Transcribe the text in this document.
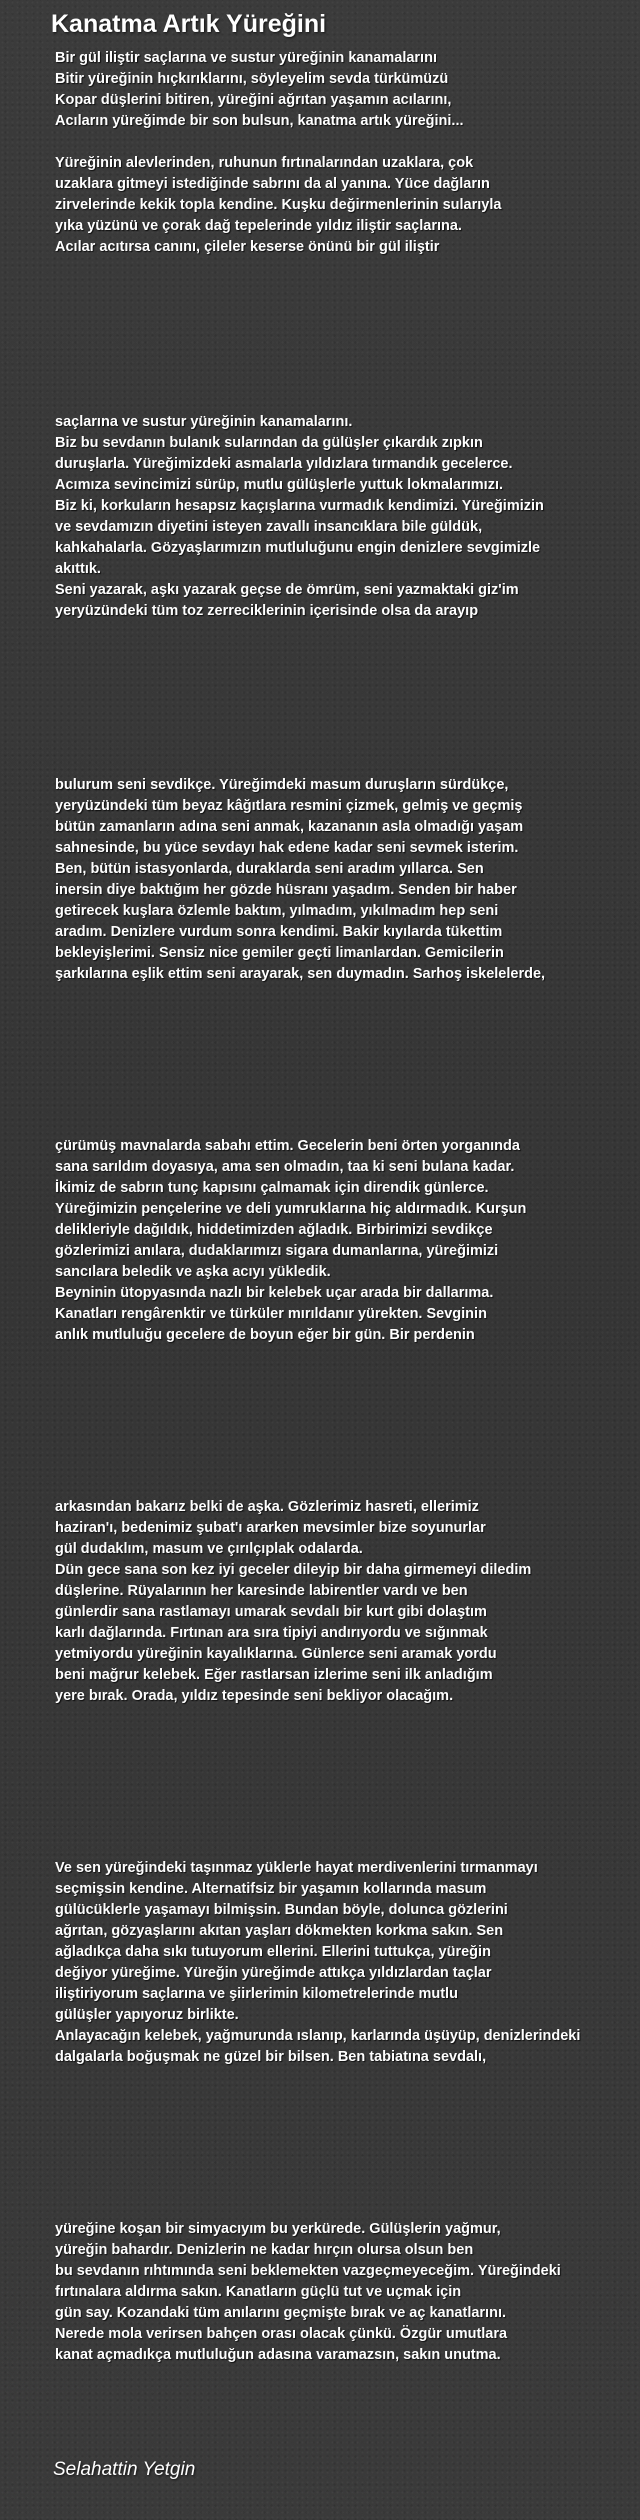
Kanatma Artık Yüreğini
Bir gül iliştir saçlarına ve sustur yüreğinin kanamalarını
Bitir yüreğinin hıçkırıklarını, söyleyelim sevda türkümüzü
Kopar düşlerini bitiren, yüreğini ağrıtan yaşamın acılarını,
Acıların yüreğimde bir son bulsun, kanatma artık yüreğini...
Yüreğinin alevlerinden, ruhunun fırtınalarından uzaklara, çok
uzaklara gitmeyi istediğinde sabrını da al yanına. Yüce dağların
zirvelerinde kekik topla kendine. Kuşku değirmenlerinin sularıyla
yıka yüzünü ve çorak dağ tepelerinde yıldız iliştir saçlarına.
Acılar acıtırsa canını, çileler keserse önünü bir gül iliştir
saçlarına ve sustur yüreğinin kanamalarını.
Biz bu sevdanın bulanık sularından da gülüşler çıkardık zıpkın
duruşlarla. Yüreğimizdeki asmalarla yıldızlara tırmandık gecelerce.
Acımıza sevincimizi sürüp, mutlu gülüşlerle yuttuk lokmalarımızı.
Biz ki, korkuların hesapsız kaçışlarına vurmadık kendimizi. Yüreğimizin
ve sevdamızın diyetini isteyen zavallı insancıklara bile güldük,
kahkahalarla. Gözyaşlarımızın mutluluğunu engin denizlere sevgimizle
akıttık.
Seni yazarak, aşkı yazarak geçse de ömrüm, seni yazmaktaki giz'im
yeryüzündeki tüm toz zerreciklerinin içerisinde olsa da arayıp
bulurum seni sevdikçe. Yüreğimdeki masum duruşların sürdükçe,
yeryüzündeki tüm beyaz kâğıtlara resmini çizmek, gelmiş ve geçmiş
bütün zamanların adına seni anmak, kazananın asla olmadığı yaşam
sahnesinde, bu yüce sevdayı hak edene kadar seni sevmek isterim.
Ben, bütün istasyonlarda, duraklarda seni aradım yıllarca. Sen
inersin diye baktığım her gözde hüsranı yaşadım. Senden bir haber
getirecek kuşlara özlemle baktım, yılmadım, yıkılmadım hep seni
aradım. Denizlere vurdum sonra kendimi. Bakir kıyılarda tükettim
bekleyişlerimi. Sensiz nice gemiler geçti limanlardan. Gemicilerin
şarkılarına eşlik ettim seni arayarak, sen duymadın. Sarhoş iskelelerde,
çürümüş mavnalarda sabahı ettim. Gecelerin beni örten yorganında
sana sarıldım doyasıya, ama sen olmadın, taa ki seni bulana kadar.
İkimiz de sabrın tunç kapısını çalmamak için direndik günlerce.
Yüreğimizin pençelerine ve deli yumruklarına hiç aldırmadık. Kurşun
delikleriyle dağıldık, hiddetimizden ağladık. Birbirimizi sevdikçe
gözlerimizi anılara, dudaklarımızı sigara dumanlarına, yüreğimizi
sancılara beledik ve aşka acıyı yükledik.
Beyninin ütopyasında nazlı bir kelebek uçar arada bir dallarıma.
Kanatları rengârenktir ve türküler mırıldanır yürekten. Sevginin
anlık mutluluğu gecelere de boyun eğer bir gün. Bir perdenin
arkasından bakarız belki de aşka. Gözlerimiz hasreti, ellerimiz
haziran'ı, bedenimiz şubat'ı ararken mevsimler bize soyunurlar
gül dudaklım, masum ve çırılçıplak odalarda.
Dün gece sana son kez iyi geceler dileyip bir daha girmemeyi diledim
düşlerine. Rüyalarının her karesinde labirentler vardı ve ben
günlerdir sana rastlamayı umarak sevdalı bir kurt gibi dolaştım
karlı dağlarında. Fırtınan ara sıra tipiyi andırıyordu ve sığınmak
yetmiyordu yüreğinin kayalıklarına. Günlerce seni aramak yordu
beni mağrur kelebek. Eğer rastlarsan izlerime seni ilk anladığım
yere bırak. Orada, yıldız tepesinde seni bekliyor olacağım.
Ve sen yüreğindeki taşınmaz yüklerle hayat merdivenlerini tırmanmayı
seçmişsin kendine. Alternatifsiz bir yaşamın kollarında masum
gülücüklerle yaşamayı bilmişsin. Bundan böyle, dolunca gözlerini
ağrıtan, gözyaşlarını akıtan yaşları dökmekten korkma sakın. Sen
ağladıkça daha sıkı tutuyorum ellerini. Ellerini tuttukça, yüreğin
değiyor yüreğime. Yüreğin yüreğimde attıkça yıldızlardan taçlar
iliştiriyorum saçlarına ve şiirlerimin kilometrelerinde mutlu
gülüşler yapıyoruz birlikte.
Anlayacağın kelebek, yağmurunda ıslanıp, karlarında üşüyüp, denizlerindeki
dalgalarla boğuşmak ne güzel bir bilsen. Ben tabiatına sevdalı,
yüreğine koşan bir simyacıyım bu yerkürede. Gülüşlerin yağmur,
yüreğin bahardır. Denizlerin ne kadar hırçın olursa olsun ben
bu sevdanın rıhtımında seni beklemekten vazgeçmeyeceğim. Yüreğindeki
fırtınalara aldırma sakın. Kanatların güçlü tut ve uçmak için
gün say. Kozandaki tüm anılarını geçmişte bırak ve aç kanatlarını.
Nerede mola verirsen bahçen orası olacak çünkü. Özgür umutlara
kanat açmadıkça mutluluğun adasına varamazsın, sakın unutma.

Selahattin Yetgin
